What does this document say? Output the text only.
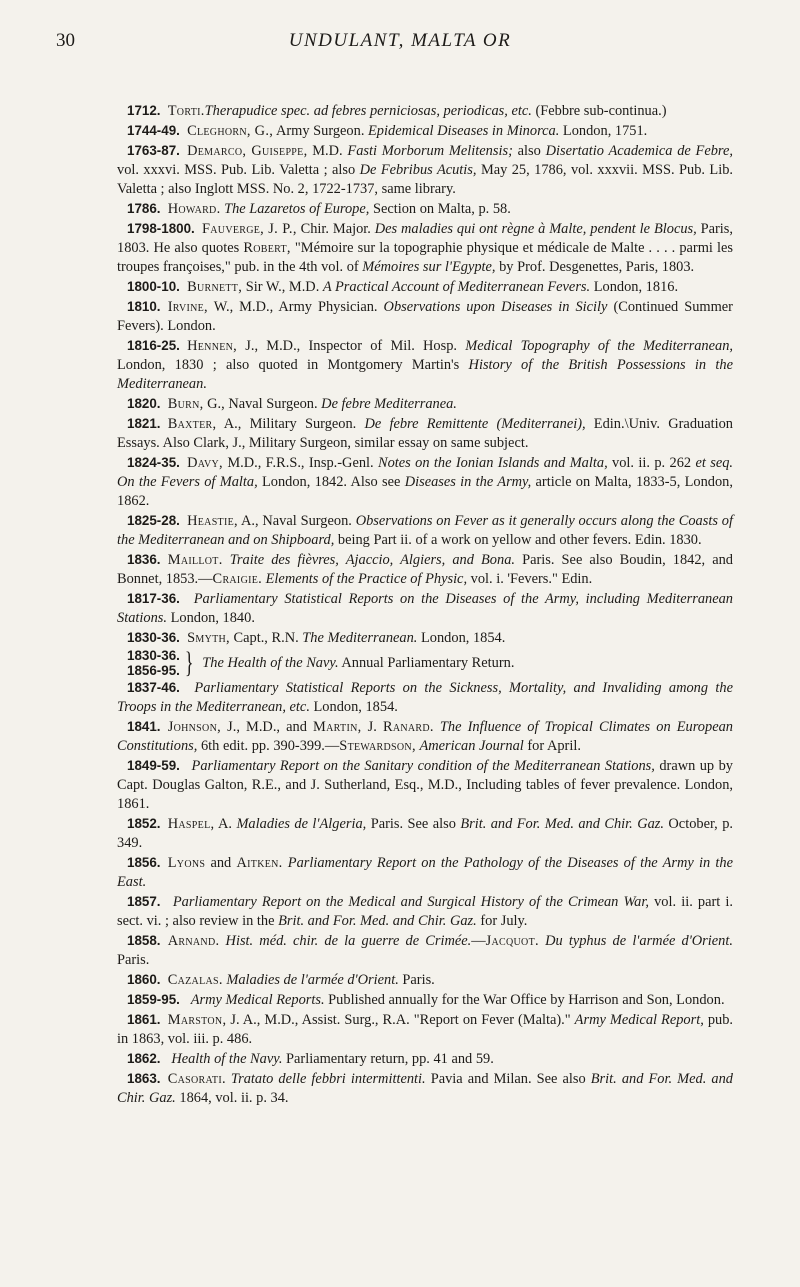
30	UNDULANT, MALTA OR

1712.  Torti.Therapudice spec. ad febres perniciosas, periodicas, etc. (Febbre sub-continua.)

1744-49.  Cleghorn, G., Army Surgeon. Epidemical Diseases in Minorca. London, 1751.

1763-87.  Demarco, Guiseppe, M.D. Fasti Morborum Melitensis; also Disertatio Academica de Febre, vol. xxxvi. MSS. Pub. Lib. Valetta ; also De Febribus Acutis, May 25, 1786, vol. xxxvii. MSS. Pub. Lib. Valetta ; also Inglott MSS. No. 2, 1722-1737, same library.

1786.  Howard. The Lazaretos of Europe, Section on Malta, p. 58.

1798-1800.  Fauverge, J. P., Chir. Major. Des maladies qui ont règne à Malte, pendent le Blocus, Paris, 1803. He also quotes Robert, "Mémoire sur la topographie physique et médicale de Malte . . . . parmi les troupes françoises," pub. in the 4th vol. of Mémoires sur l'Egypte, by Prof. Desgenettes, Paris, 1803.

1800-10.  Burnett, Sir W., M.D. A Practical Account of Mediterranean Fevers. London, 1816.

1810.  Irvine, W., M.D., Army Physician. Observations upon Diseases in Sicily (Continued Summer Fevers). London.

1816-25.  Hennen, J., M.D., Inspector of Mil. Hosp. Medical Topography of the Mediterranean, London, 1830 ; also quoted in Montgomery Martin's History of the British Possessions in the Mediterranean.

1820.  Burn, G., Naval Surgeon. De febre Mediterranea.

1821.  Baxter, A., Military Surgeon. De febre Remittente (Mediterranei), Edin.\Univ. Graduation Essays. Also Clark, J., Military Surgeon, similar essay on same subject.

1824-35.  Davy, M.D., F.R.S., Insp.-Genl. Notes on the Ionian Islands and Malta, vol. ii. p. 262 et seq. On the Fevers of Malta, London, 1842. Also see Diseases in the Army, article on Malta, 1833-5, London, 1862.

1825-28.  Heastie, A., Naval Surgeon. Observations on Fever as it generally occurs along the Coasts of the Mediterranean and on Shipboard, being Part ii. of a work on yellow and other fevers. Edin. 1830.

1836.  Maillot. Traite des fièvres, Ajaccio, Algiers, and Bona. Paris. See also Boudin, 1842, and Bonnet, 1853.—Craigie. Elements of the Practice of Physic, vol. i. 'Fevers." Edin.

1817-36.  Parliamentary Statistical Reports on the Diseases of the Army, including Mediterranean Stations. London, 1840.

1830-36.  Smyth, Capt., R.N. The Mediterranean. London, 1854.

1830-36.
1856-95. } The Health of the Navy. Annual Parliamentary Return.

1837-46.  Parliamentary Statistical Reports on the Sickness, Mortality, and Invaliding among the Troops in the Mediterranean, etc. London, 1854.

1841.  Johnson, J., M.D., and Martin, J. Ranard. The Influence of Tropical Climates on European Constitutions, 6th edit. pp. 390-399.—Stewardson, American Journal for April.

1849-59.  Parliamentary Report on the Sanitary condition of the Mediterranean Stations, drawn up by Capt. Douglas Galton, R.E., and J. Sutherland, Esq., M.D., Including tables of fever prevalence. London, 1861.

1852.  Haspel, A. Maladies de l'Algeria, Paris. See also Brit. and For. Med. and Chir. Gaz. October, p. 349.

1856.  Lyons and Aitken. Parliamentary Report on the Pathology of the Diseases of the Army in the East.

1857.  Parliamentary Report on the Medical and Surgical History of the Crimean War, vol. ii. part i. sect. vi. ; also review in the Brit. and For. Med. and Chir. Gaz. for July.

1858.  Arnand. Hist. méd. chir. de la guerre de Crimée.—Jacquot. Du typhus de l'armée d'Orient. Paris.

1860.  Cazalas. Maladies de l'armée d'Orient. Paris.

1859-95.  Army Medical Reports. Published annually for the War Office by Harrison and Son, London.

1861.  Marston, J. A., M.D., Assist. Surg., R.A. "Report on Fever (Malta)." Army Medical Report, pub. in 1863, vol. iii. p. 486.

1862.  Health of the Navy. Parliamentary return, pp. 41 and 59.

1863.  Casorati. Tratato delle febbri intermittenti. Pavia and Milan. See also Brit. and For. Med. and Chir. Gaz. 1864, vol. ii. p. 34.
